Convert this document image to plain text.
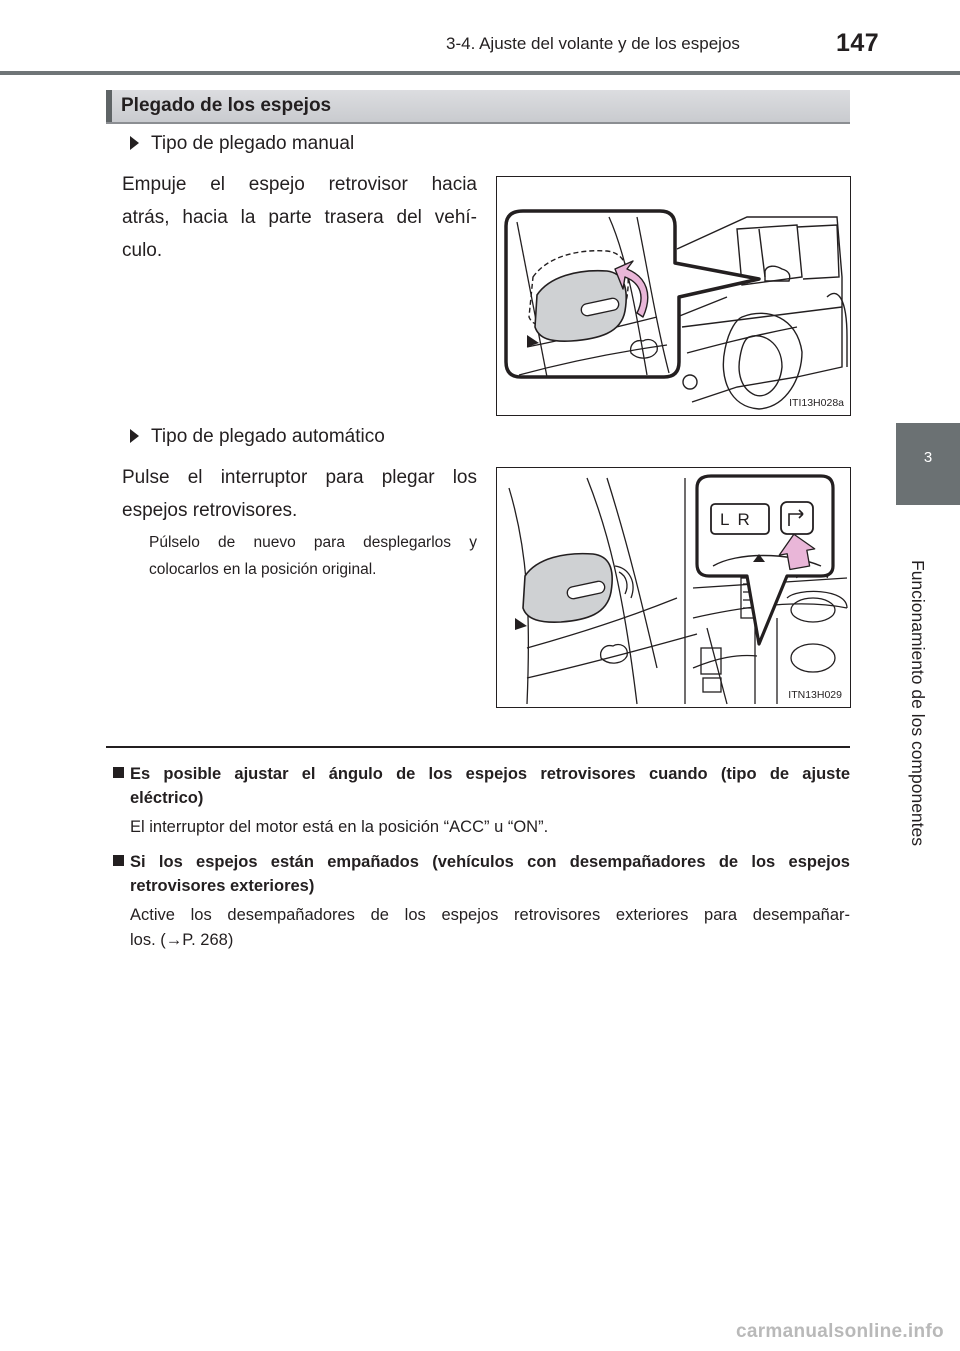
3-4. Ajuste del volante y de los espejos	147
3
Funcionamiento de los componentes
Plegado de los espejos
Tipo de plegado manual
Empuje el espejo retrovisor hacia
atrás, hacia la parte trasera del vehí-
culo.
ITI13H028a
Tipo de plegado automático
Pulse el interruptor para plegar los
espejos retrovisores.
Púlselo de nuevo para desplegarlos y
colocarlos en la posición original.
LR
ITN13H029
Es posible ajustar el ángulo de los espejos retrovisores cuando (tipo de ajuste
eléctrico)
El interruptor del motor está en la posición “ACC” u “ON”.
Si los espejos están empañados (vehículos con desempañadores de los espejos
retrovisores exteriores)
Active los desempañadores de los espejos retrovisores exteriores para desempañar-
los. (→P. 268)
carmanualsonline.info
